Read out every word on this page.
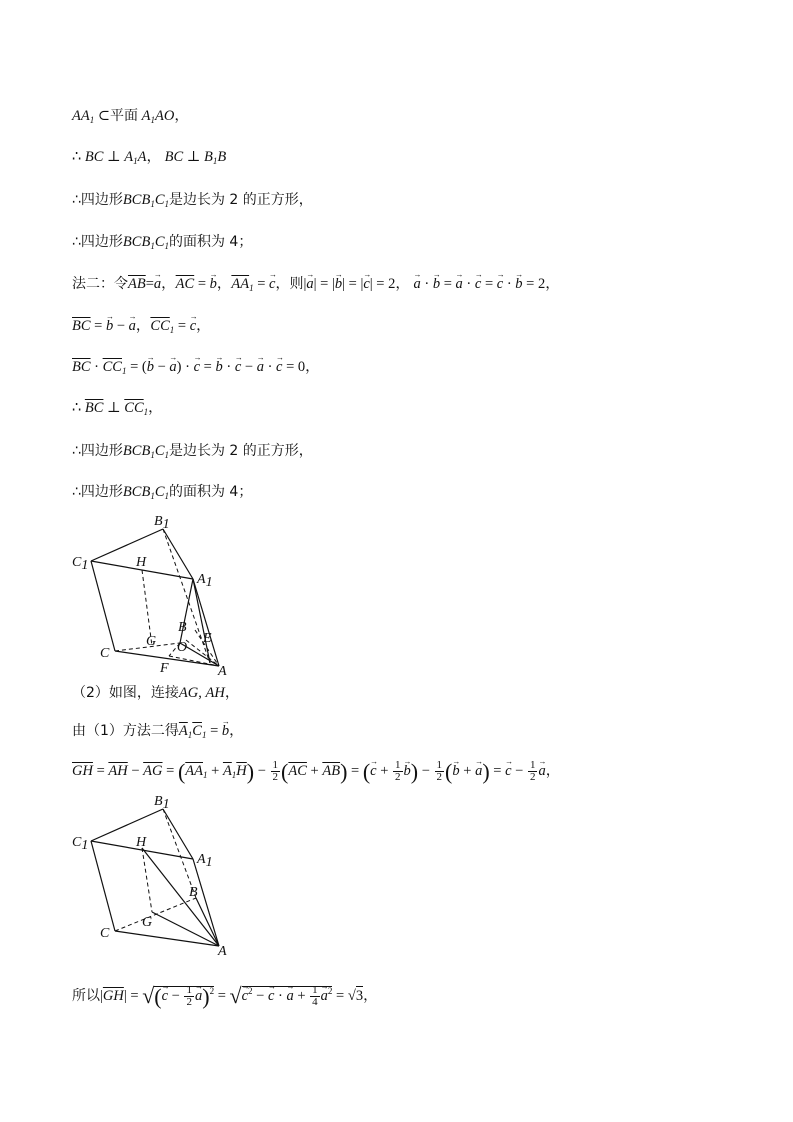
$AA_1$ ⊂平面 $A_1AO$，
∴ BC ⊥ $A_1A$， BC ⊥ $B_1B$
∴四边形$BCB_1C_1$是边长为 2 的正方形，
∴四边形$BCB_1C_1$的面积为 4；
法二：令$\overline{AB}=\to a$，$\overline{AC}$ = → b，$\overline{AA}_1$ = → c，则|→ a| = |→ b| = |→ c| = 2， → a · → b = → a · → c = → c · → b = 2，
$\overline{BC}$ = → b − → a，$\overline{CC}_1$ = → c，
$\overline{BC} \cdot \overline{CC}_1$ = (→ b − → a) · → c = → b · → c − → a · → c = 0，
∴ $\overline{BC}$ ⊥ $\overline{CC}_1$，
∴四边形$BCB_1C_1$是边长为 2 的正方形，
∴四边形$BCB_1C_1$的面积为 4；
B1
C1
A1
H
B
E
O
G
C
F	A
（2）如图，连接AG, AH，
由（1）方法二得$\overline{A}_1\overline{C}_1$ = → b，
$\overline{GH} = \overline{AH} - \overline{AG} = (\overline{AA}_1 + \overline{A}_1\overline{H}) - \frac{1}{2} (\overline{AC} + \overline{AB})$ = (→ $c + \frac{1}{2} \to b) - \frac{1}{2}$ (→ b + → a) = → $c - \frac{1}{2} \to a$，
B1
C1
A1
H
B
G
C
A
所以$|\overline{GH}|$ = √(→ $c - \frac{1}{2} \to a)^2$ = √→ $c^2$ − → c · → $a + \frac{1}{4} \to a^2 = √3$，
